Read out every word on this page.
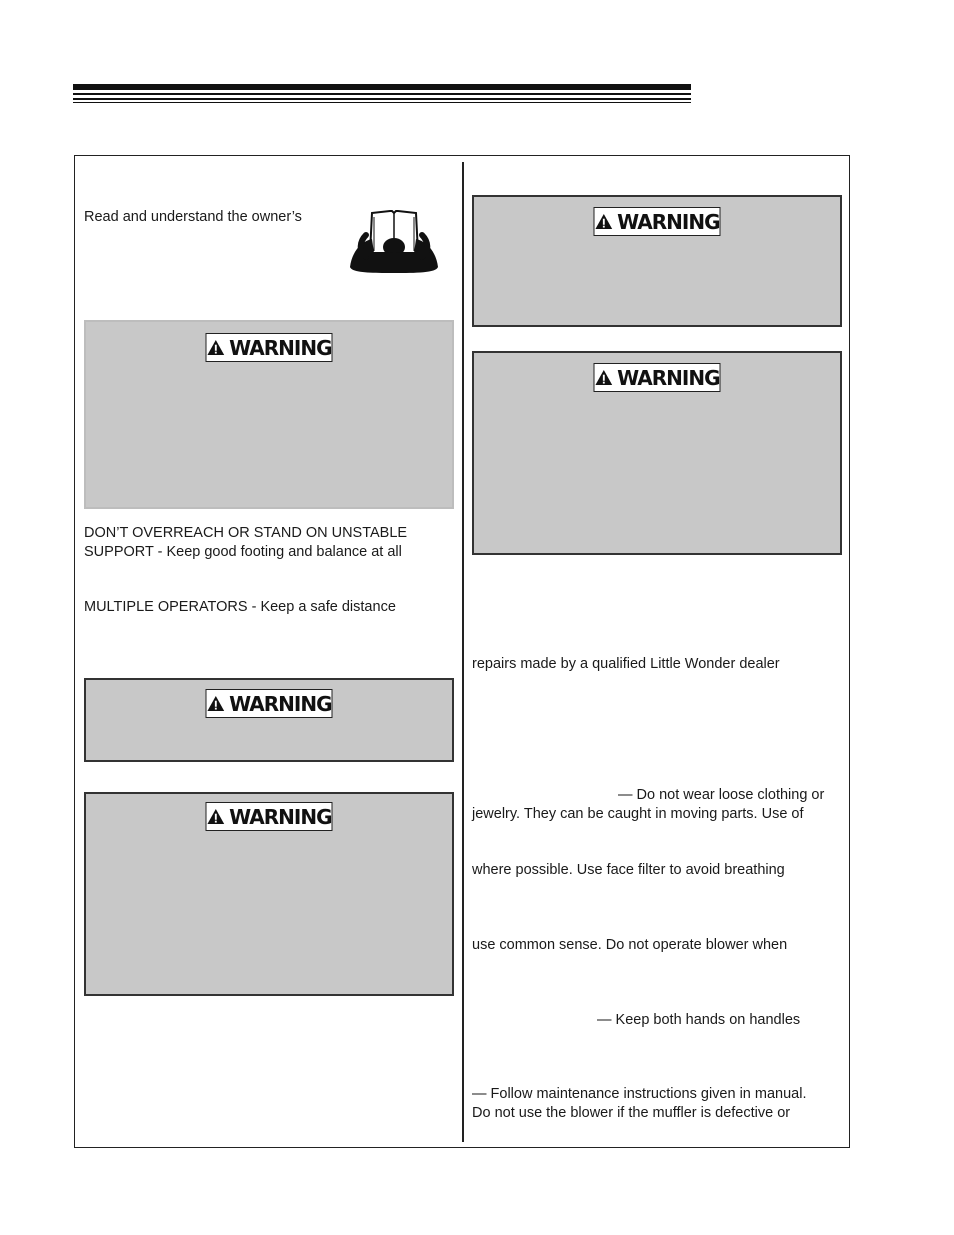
Read and understand the owner’s
WARNING
DON’T OVERREACH OR STAND ON UNSTABLE
SUPPORT - Keep good footing and balance at all
MULTIPLE OPERATORS - Keep a safe distance
WARNING
WARNING
WARNING
WARNING
repairs made by a qualified Little Wonder dealer
— Do not wear loose clothing or
jewelry. They can be caught in moving parts. Use of
where possible. Use face filter to avoid breathing
use common sense. Do not operate blower when
— Keep both hands on handles
— Follow maintenance instructions given in manual.
Do not use the blower if the muffler is defective or
